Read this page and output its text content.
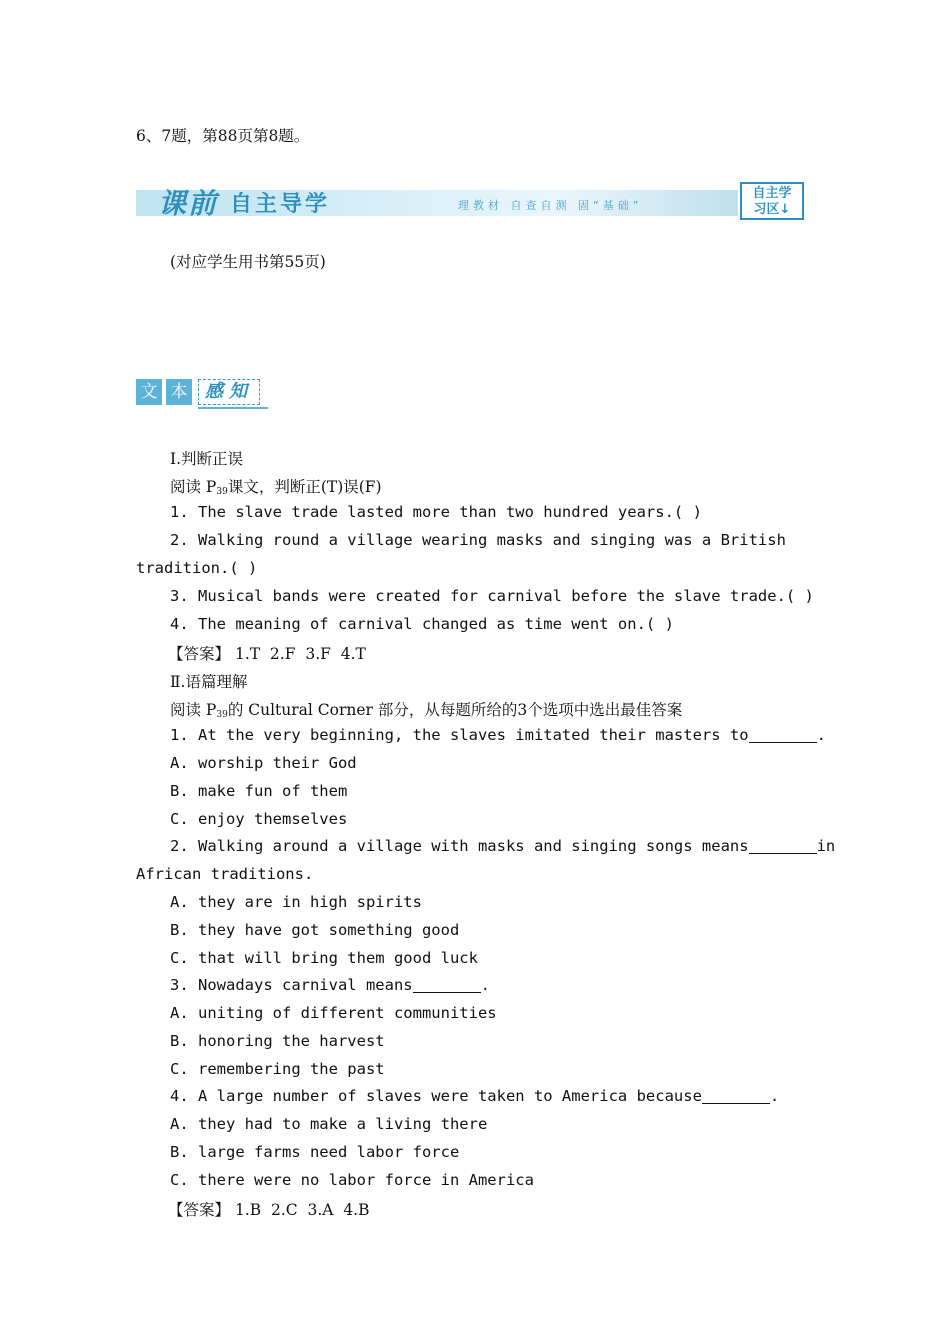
6、7题，第88页第8题。
课前 自主导学	理教材 自查自测 固“基础”
自主学
习区↓
(对应学生用书第55页)
文 本 感知
Ⅰ.判断正误
阅读 $P_{39}$课文，判断正(T)误(F)
1. The slave trade lasted more than two hundred years.( )
2. Walking round a village wearing masks and singing was a British
tradition.( )
3. Musical bands were created for carnival before the slave trade.( )
4. The meaning of carnival changed as time went on.( )
【答案】 1.T  2.F  3.F  4.T
Ⅱ.语篇理解
阅读 $P_{39}$的 Cultural Corner 部分，从每题所给的3个选项中选出最佳答案
1. At the very beginning, the slaves imitated their masters to	.
A. worship their God
B. make fun of them
C. enjoy themselves
2. Walking around a village with masks and singing songs means	in
African traditions.
A. they are in high spirits
B. they have got something good
C. that will bring them good luck
3. Nowadays carnival means	.
A. uniting of different communities
B. honoring the harvest
C. remembering the past
4. A large number of slaves were taken to America because	.
A. they had to make a living there
B. large farms need labor force
C. there were no labor force in America
【答案】 1.B  2.C  3.A  4.B
